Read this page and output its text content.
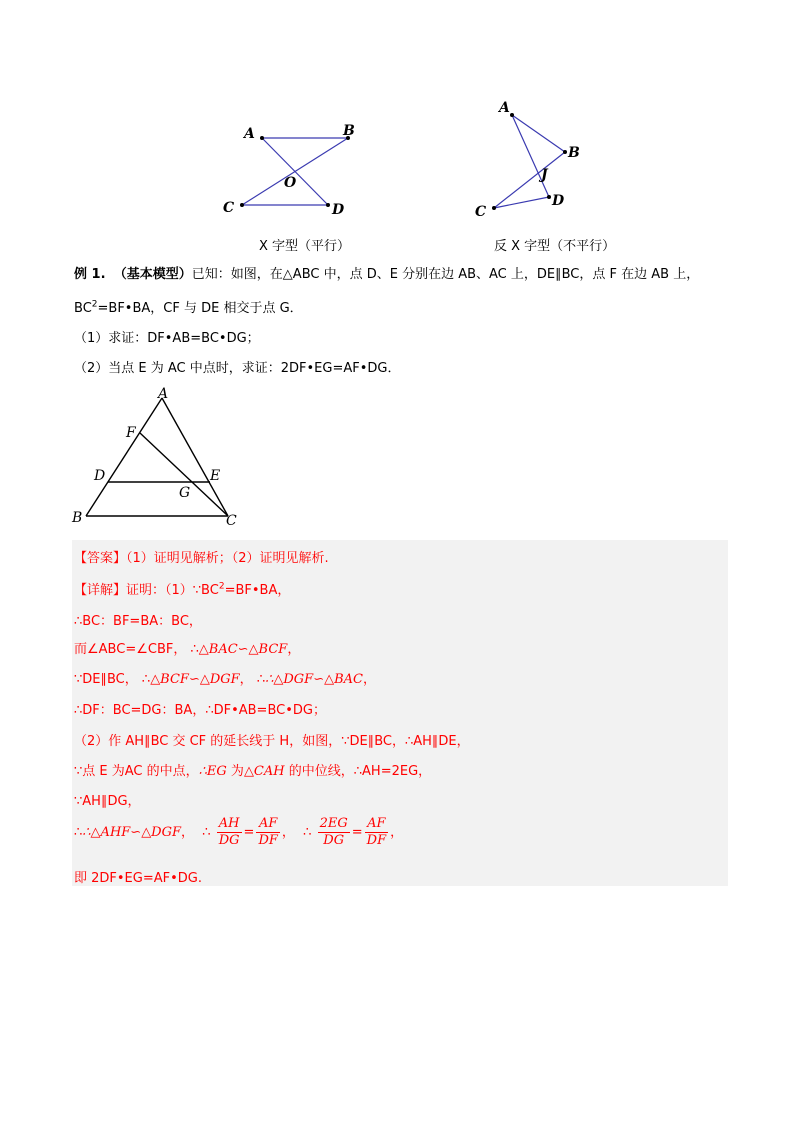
A	B
O
C	D
X 字型（平行）
A
B
J
C
D
反 X 字型（不平行）
例 1. （基本模型）已知：如图，在△ABC 中，点 D、E 分别在边 AB、AC 上，DE∥BC，点 F 在边 AB 上，
$BC^2=BF•BA$，CF 与 DE 相交于点 G．
（1）求证：DF•AB=BC•DG；
（2）当点 E 为 AC 中点时，求证：2DF•EG=AF•DG．
A
F
D	E
G
B	C
【答案】（1）证明见解析；（2）证明见解析.
【详解】证明：$(1)\because BC^2=BF•BA$，
∴BC：BF=BA：BC，
而∠ABC=∠CBF， ∴△BAC∽△BCF，
∵DE∥BC， ∴△BCF∽△DGF， ∴∴△DGF∽△BAC，
∴DF：BC=DG：BA，∴DF•AB=BC•DG；
（2）作 AH∥BC 交 CF 的延长线于 H，如图，∵DE∥BC，∴AH∥DE，
∵点 E 为AC 的中点，∴EG 为△CAH 的中位线，∴AH=2EG，
∵AH∥DG，
∴∴△AHF∽△DGF， ∴ $\frac{AH}{DG} = \frac{AF}{DF}$ ， ∴ $\frac{2EG}{DG} = \frac{AF}{DF}$ ，
即 2DF•EG=AF•DG.
